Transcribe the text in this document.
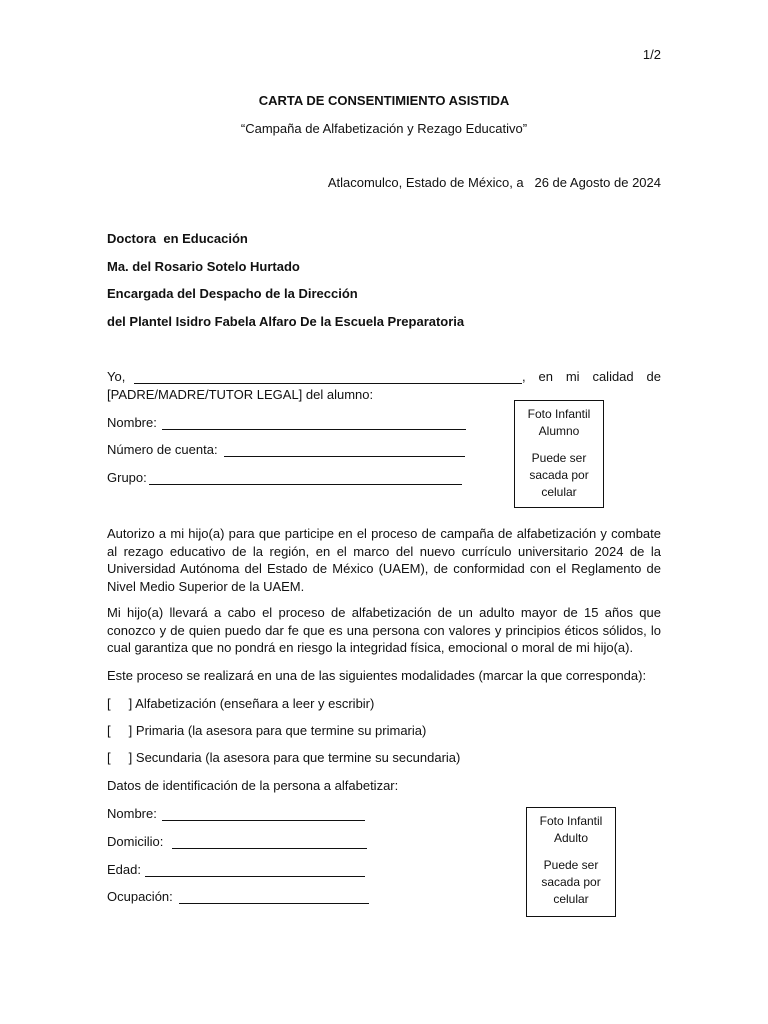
1/2
CARTA DE CONSENTIMIENTO ASISTIDA
“Campaña de Alfabetización y Rezago Educativo”
Atlacomulco, Estado de México, a   26 de Agosto de 2024
Doctora  en Educación
Ma. del Rosario Sotelo Hurtado
Encargada del Despacho de la Dirección
del Plantel Isidro Fabela Alfaro De la Escuela Preparatoria
Yo,	, en mi calidad de
[PADRE/MADRE/TUTOR LEGAL] del alumno:
Nombre:
Número de cuenta:
Grupo:
Foto Infantil
Alumno
Puede ser sacada por celular
Autorizo a mi hijo(a) para que participe en el proceso de campaña de alfabetización y combate al rezago educativo de la región, en el marco del nuevo currículo universitario 2024 de la Universidad Autónoma del Estado de México (UAEM), de conformidad con el Reglamento de Nivel Medio Superior de la UAEM.
Mi hijo(a) llevará a cabo el proceso de alfabetización de un adulto mayor de 15 años que conozco y de quien puedo dar fe que es una persona con valores y principios éticos sólidos, lo cual garantiza que no pondrá en riesgo la integridad física, emocional o moral de mi hijo(a).
Este proceso se realizará en una de las siguientes modalidades (marcar la que corresponda):
[     ] Alfabetización (enseñara a leer y escribir)
[     ] Primaria (la asesora para que termine su primaria)
[     ] Secundaria (la asesora para que termine su secundaria)
Datos de identificación de la persona a alfabetizar:
Nombre:
Domicilio:
Edad:
Ocupación:
Foto Infantil
Adulto
Puede ser sacada por celular
